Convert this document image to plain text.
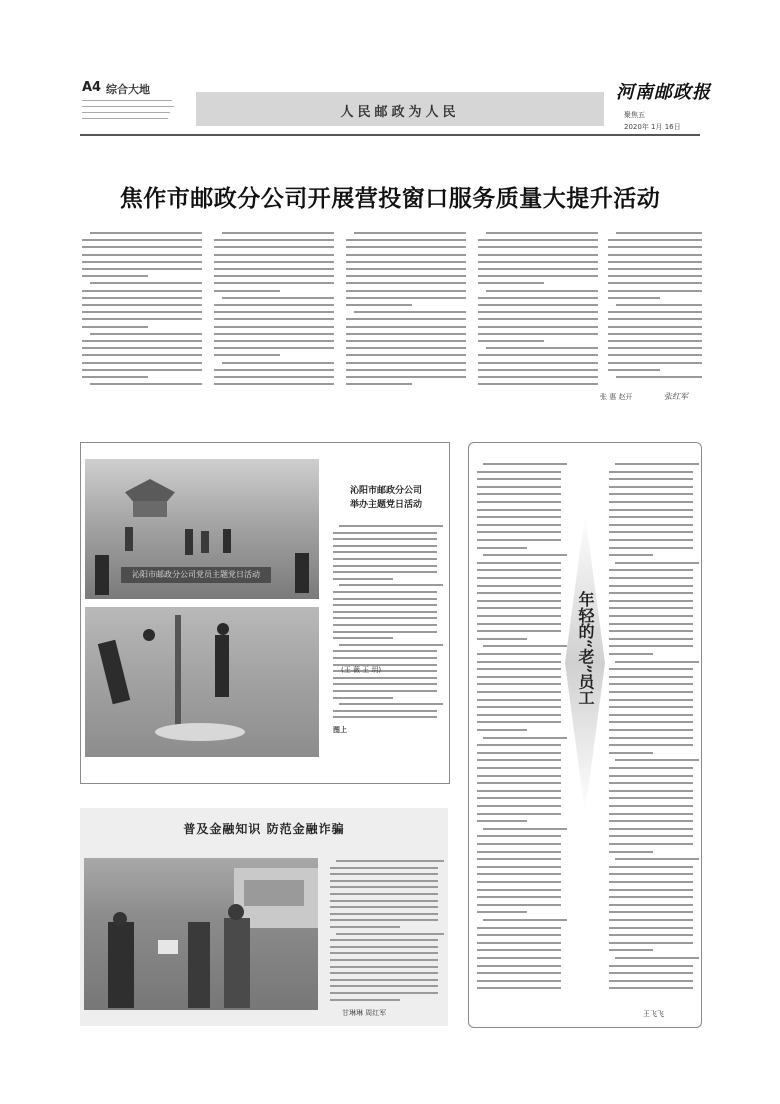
A4 综合大地
人民邮政为人民
河南邮政报
聚焦五
2020年 1月 16日
焦作市邮政分公司开展营投窗口服务质量大提升活动
张 惠 赵开	张红军
沁阳市邮政分公司党员主题党日活动
沁阳市邮政分公司
举办主题党日活动
(王 薇 王 玥)
图上
普及金融知识 防范金融诈骗
甘琳琳 周红军
年轻的“老”员工
王飞飞
